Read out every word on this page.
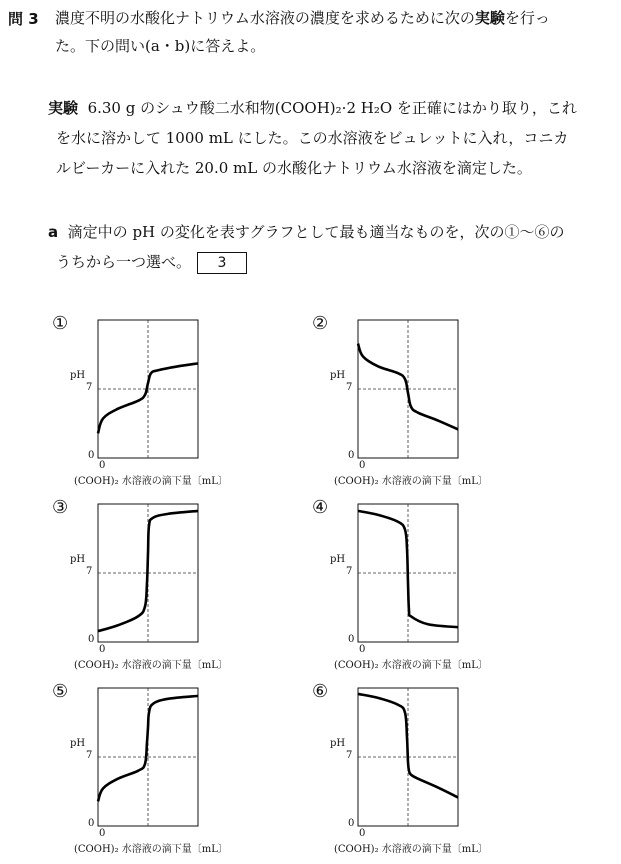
問 3 濃度不明の水酸化ナトリウム水溶液の濃度を求めるために次の実験を行っ
た。下の問い(a・b)に答えよ。
実験 6.30 g のシュウ酸二水和物(COOH)₂·2 H₂O を正確にはかり取り，これ
を水に溶かして 1000 mL にした。この水溶液をビュレットに入れ，コニカ
ルビーカーに入れた 20.0 mL の水酸化ナトリウム水溶液を滴定した。
a 滴定中の pH の変化を表すグラフとして最も適当なものを，次の①～⑥の
うちから一つ選べ。 3
①
pH
7
0
0
(COOH)₂ 水溶液の滴下量〔mL〕
②
pH
7
0
0
(COOH)₂ 水溶液の滴下量〔mL〕
③
pH
7
0
0
(COOH)₂ 水溶液の滴下量〔mL〕
④
pH
7
0
0
(COOH)₂ 水溶液の滴下量〔mL〕
⑤
pH
7
0
0
(COOH)₂ 水溶液の滴下量〔mL〕
⑥
pH
7
0
0
(COOH)₂ 水溶液の滴下量〔mL〕
